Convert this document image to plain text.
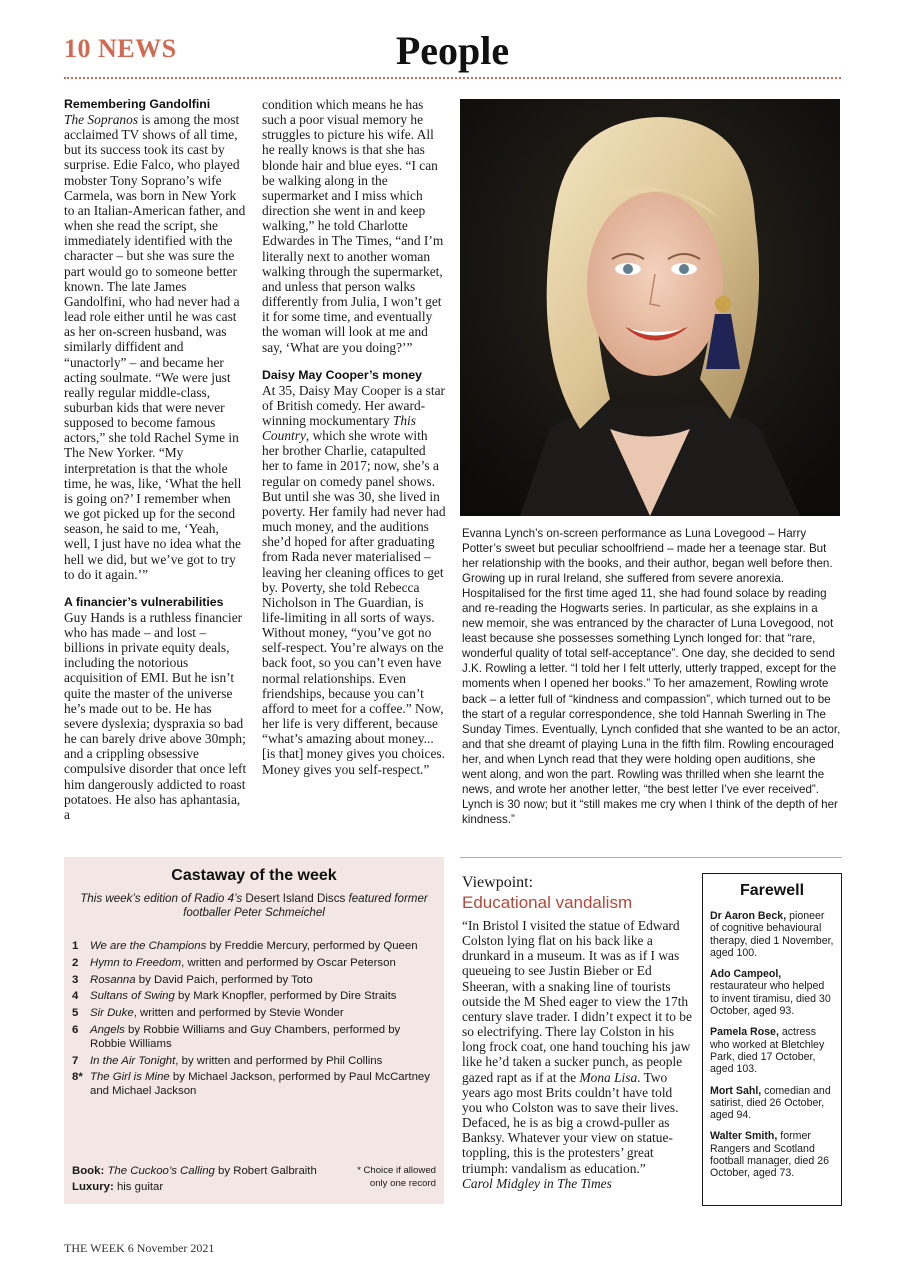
10 NEWS	People

Remembering Gandolfini

The Sopranos is among the most acclaimed TV shows of all time, but its success took its cast by surprise. Edie Falco, who played mobster Tony Soprano’s wife Carmela, was born in New York to an Italian-American father, and when she read the script, she immediately identified with the character – but she was sure the part would go to someone better known. The late James Gandolfini, who had never had a lead role either until he was cast as her on-screen husband, was similarly diffident and “unactorly” – and became her acting soulmate. “We were just really regular middle-class, suburban kids that were never supposed to become famous actors,” she told Rachel Syme in The New Yorker. “My interpretation is that the whole time, he was, like, ‘What the hell is going on?’ I remember when we got picked up for the second season, he said to me, ‘Yeah, well, I just have no idea what the hell we did, but we’ve got to try to do it again.’”

A financier’s vulnerabilities

Guy Hands is a ruthless financier who has made – and lost – billions in private equity deals, including the notorious acquisition of EMI. But he isn’t quite the master of the universe he’s made out to be. He has severe dyslexia; dyspraxia so bad he can barely drive above 30mph; and a crippling obsessive compulsive disorder that once left him dangerously addicted to roast potatoes. He also has aphantasia, a

condition which means he has such a poor visual memory he struggles to picture his wife. All he really knows is that she has blonde hair and blue eyes. “I can be walking along in the supermarket and I miss which direction she went in and keep walking,” he told Charlotte Edwardes in The Times, “and I’m literally next to another woman walking through the supermarket, and unless that person walks differently from Julia, I won’t get it for some time, and eventually the woman will look at me and say, ‘What are you doing?’”

Daisy May Cooper’s money

At 35, Daisy May Cooper is a star of British comedy. Her award-winning mockumentary This Country, which she wrote with her brother Charlie, catapulted her to fame in 2017; now, she’s a regular on comedy panel shows. But until she was 30, she lived in poverty. Her family had never had much money, and the auditions she’d hoped for after graduating from Rada never materialised – leaving her cleaning offices to get by. Poverty, she told Rebecca Nicholson in The Guardian, is life-limiting in all sorts of ways. Without money, “you’ve got no self-respect. You’re always on the back foot, so you can’t even have normal relationships. Even friendships, because you can’t afford to meet for a coffee.” Now, her life is very different, because “what’s amazing about money... [is that] money gives you choices. Money gives you self-respect.”

Evanna Lynch’s on-screen performance as Luna Lovegood – Harry Potter’s sweet but peculiar schoolfriend – made her a teenage star. But her relationship with the books, and their author, began well before then. Growing up in rural Ireland, she suffered from severe anorexia. Hospitalised for the first time aged 11, she had found solace by reading and re-reading the Hogwarts series. In particular, as she explains in a new memoir, she was entranced by the character of Luna Lovegood, not least because she possesses something Lynch longed for: that “rare, wonderful quality of total self-acceptance”. One day, she decided to send J.K. Rowling a letter. “I told her I felt utterly, utterly trapped, except for the moments when I opened her books.” To her amazement, Rowling wrote back – a letter full of “kindness and compassion”, which turned out to be the start of a regular correspondence, she told Hannah Swerling in The Sunday Times. Eventually, Lynch confided that she wanted to be an actor, and that she dreamt of playing Luna in the fifth film. Rowling encouraged her, and when Lynch read that they were holding open auditions, she went along, and won the part. Rowling was thrilled when she learnt the news, and wrote her another letter, “the best letter I’ve ever received”. Lynch is 30 now; but it “still makes me cry when I think of the depth of her kindness.”
Castaway of the week
This week’s edition of Radio 4’s Desert Island Discs featured former footballer Peter Schmeichel
1	We are the Champions by Freddie Mercury, performed by Queen
2	Hymn to Freedom, written and performed by Oscar Peterson
3	Rosanna by David Paich, performed by Toto
4	Sultans of Swing by Mark Knopfler, performed by Dire Straits
5	Sir Duke, written and performed by Stevie Wonder
6	Angels by Robbie Williams and Guy Chambers, performed by Robbie Williams
7	In the Air Tonight, by written and performed by Phil Collins
8* The Girl is Mine by Michael Jackson, performed by Paul McCartney and Michael Jackson
Book: The Cuckoo’s Calling by Robert Galbraith
Luxury: his guitar
* Choice if allowed only one record
Viewpoint:
Educational vandalism
“In Bristol I visited the statue of Edward Colston lying flat on his back like a drunkard in a museum. It was as if I was queueing to see Justin Bieber or Ed Sheeran, with a snaking line of tourists outside the M Shed eager to view the 17th century slave trader. I didn’t expect it to be so electrifying. There lay Colston in his long frock coat, one hand touching his jaw like he’d taken a sucker punch, as people gazed rapt as if at the Mona Lisa. Two years ago most Brits couldn’t have told you who Colston was to save their lives. Defaced, he is as big a crowd-puller as Banksy. Whatever your view on statue-toppling, this is the protesters’ great triumph: vandalism as education.”
Carol Midgley in The Times
Farewell
Dr Aaron Beck, pioneer of cognitive behavioural therapy, died 1 November, aged 100.
Ado Campeol, restaurateur who helped to invent tiramisu, died 30 October, aged 93.
Pamela Rose, actress who worked at Bletchley Park, died 17 October, aged 103.
Mort Sahl, comedian and satirist, died 26 October, aged 94.
Walter Smith, former Rangers and Scotland football manager, died 26 October, aged 73.
THE WEEK 6 November 2021
